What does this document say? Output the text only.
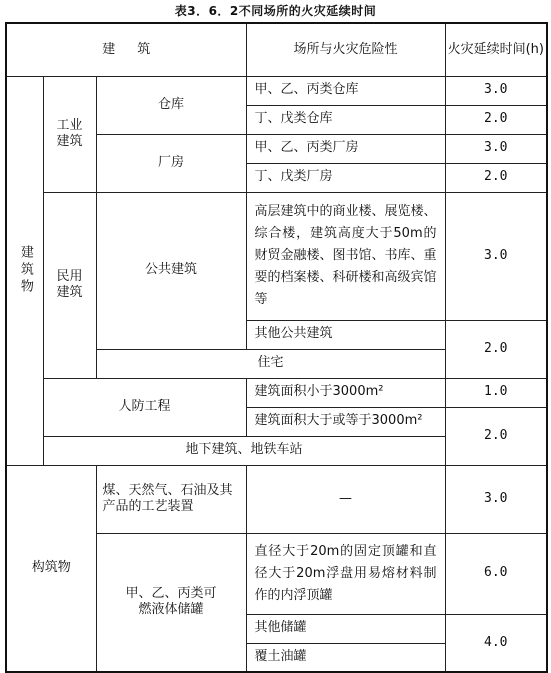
表3．6．2不同场所的火灾延续时间
建筑			场所与火灾危险性	火灾延续时间(h)

建筑物	工业建筑	仓库	甲、乙、丙类仓库	3.0
			丁、戊类仓库	2.0
		厂房	甲、乙、丙类厂房	3.0
			丁、戊类厂房	2.0

	民用建筑	公共建筑	高层建筑中的商业楼、展览楼、综合楼，建筑高度大于50m的财贸金融楼、图书馆、书库、重要的档案楼、科研楼和高级宾馆等	3.0
			其他公共建筑	2.0
		住宅		
	人防工程		建筑面积小于3000m²	1.0
			建筑面积大于或等于3000m²	2.0
	地下建筑、地铁车站			
构筑物		煤、天然气、石油及其产品的工艺装置	—	3.0

		甲、乙、丙类可燃液体储罐	直径大于20m的固定顶罐和直径大于20m浮盘用易熔材料制作的内浮顶罐	6.0
			其他储罐	4.0
			覆土油罐	
